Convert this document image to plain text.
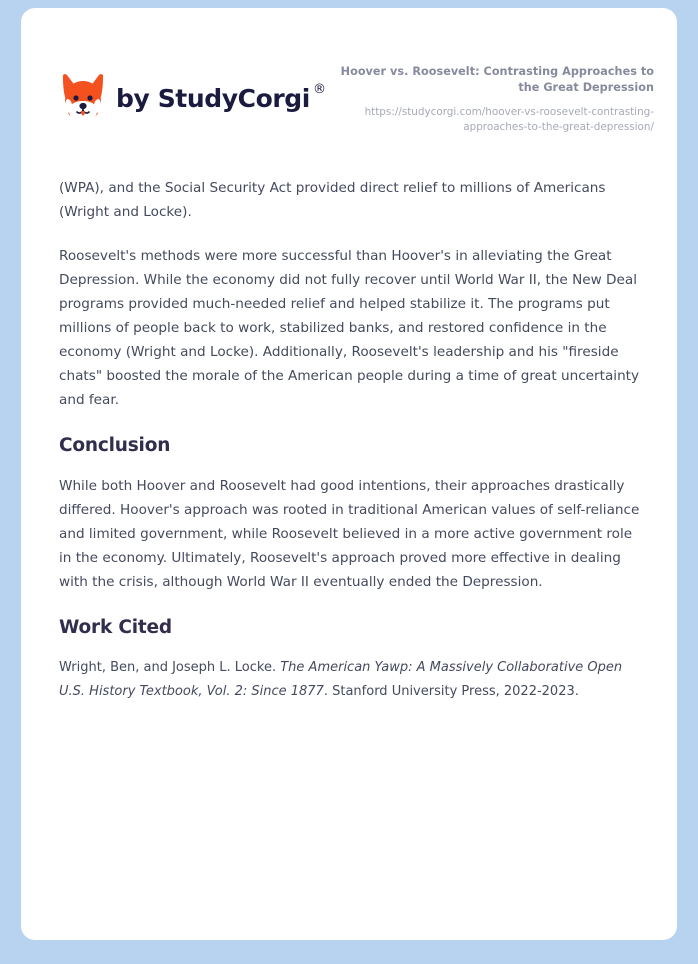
by StudyCorgi ®
Hoover vs. Roosevelt: Contrasting Approaches to the Great Depression
https://studycorgi.com/hoover-vs-roosevelt-contrasting-approaches-to-the-great-depression/

(WPA), and the Social Security Act provided direct relief to millions of Americans (Wright and Locke).

Roosevelt's methods were more successful than Hoover's in alleviating the Great Depression. While the economy did not fully recover until World War II, the New Deal programs provided much-needed relief and helped stabilize it. The programs put millions of people back to work, stabilized banks, and restored confidence in the economy (Wright and Locke). Additionally, Roosevelt's leadership and his "fireside chats" boosted the morale of the American people during a time of great uncertainty and fear.

Conclusion

While both Hoover and Roosevelt had good intentions, their approaches drastically differed. Hoover's approach was rooted in traditional American values of self-reliance and limited government, while Roosevelt believed in a more active government role in the economy. Ultimately, Roosevelt's approach proved more effective in dealing with the crisis, although World War II eventually ended the Depression.

Work Cited

Wright, Ben, and Joseph L. Locke. The American Yawp: A Massively Collaborative Open U.S. History Textbook, Vol. 2: Since 1877. Stanford University Press, 2022-2023.
